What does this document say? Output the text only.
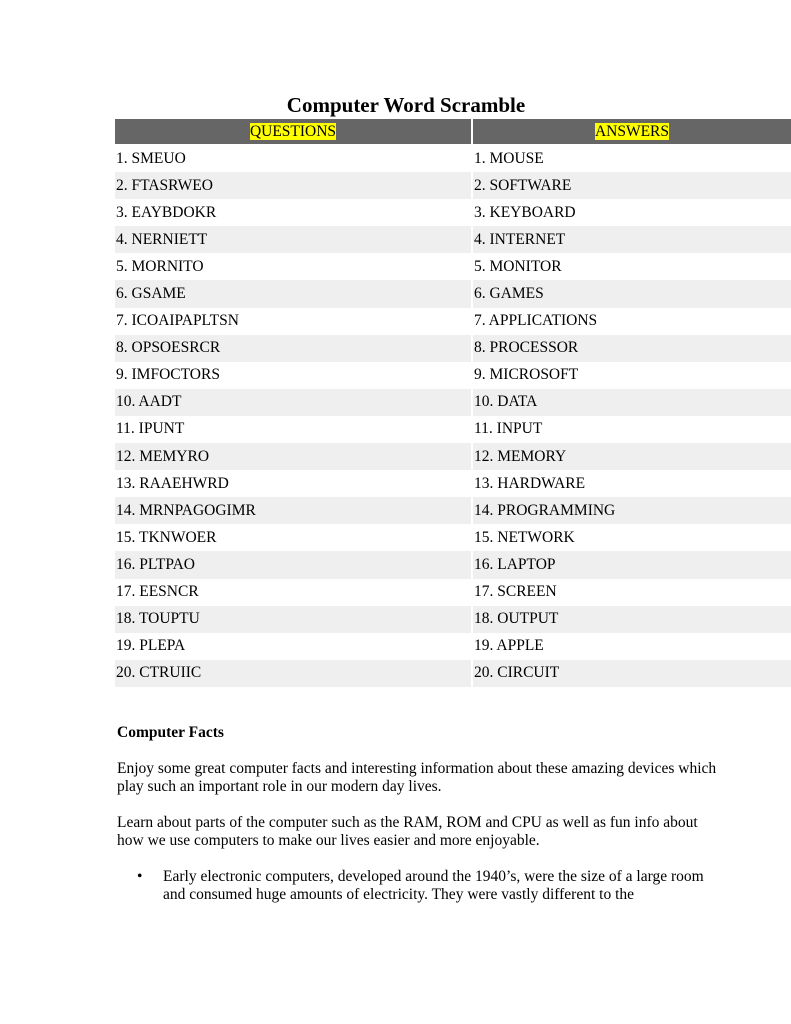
Computer Word Scramble
QUESTIONS	ANSWERS
1. SMEUO	1. MOUSE
2. FTASRWEO	2. SOFTWARE
3. EAYBDOKR	3. KEYBOARD
4. NERNIETT	4. INTERNET
5. MORNITO	5. MONITOR
6. GSAME	6. GAMES
7. ICOAIPAPLTSN	7. APPLICATIONS
8. OPSOESRCR	8. PROCESSOR
9. IMFOCTORS	9. MICROSOFT
10. AADT	10. DATA
11. IPUNT	11. INPUT
12. MEMYRO	12. MEMORY
13. RAAEHWRD	13. HARDWARE
14. MRNPAGOGIMR	14. PROGRAMMING
15. TKNWOER	15. NETWORK
16. PLTPAO	16. LAPTOP
17. EESNCR	17. SCREEN
18. TOUPTU	18. OUTPUT
19. PLEPA	19. APPLE
20. CTRUIIC	20. CIRCUIT
Computer Facts

Enjoy some great computer facts and interesting information about these amazing devices which play such an important role in our modern day lives.

Learn about parts of the computer such as the RAM, ROM and CPU as well as fun info about how we use computers to make our lives easier and more enjoyable.

• Early electronic computers, developed around the 1940’s, were the size of a large room and consumed huge amounts of electricity. They were vastly different to the
